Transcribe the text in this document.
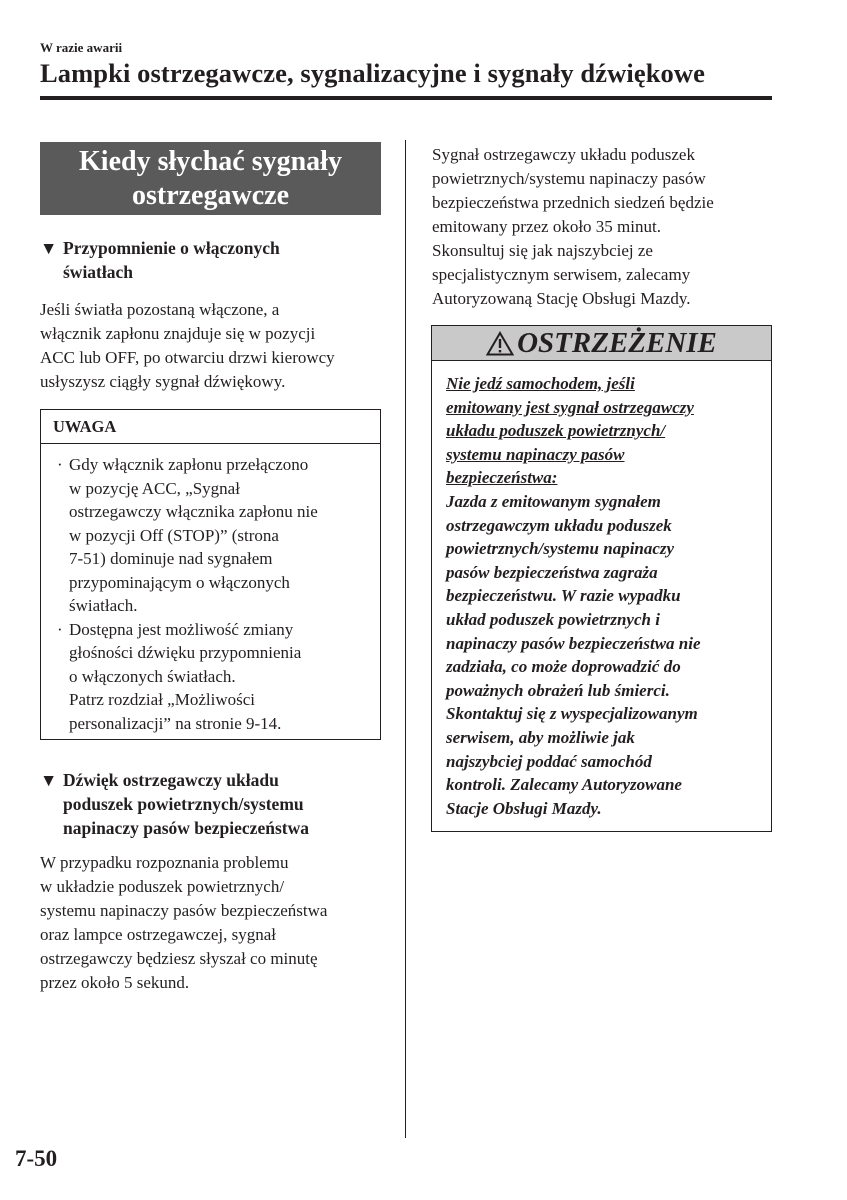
W razie awarii
Lampki ostrzegawcze, sygnalizacyjne i sygnały dźwiękowe
Kiedy słychać sygnały
ostrzegawcze
▼ Przypomnienie o włączonych
światłach

Jeśli światła pozostaną włączone, a

włącznik zapłonu znajduje się w pozycji

ACC lub OFF, po otwarciu drzwi kierowcy

usłyszysz ciągły sygnał dźwiękowy.

UWAGA
· Gdy włącznik zapłonu przełączono
w pozycję ACC, „Sygnał
ostrzegawczy włącznika zapłonu nie
w pozycji Off (STOP)” (strona
7-51) dominuje nad sygnałem
przypominającym o włączonych
światłach.
· Dostępna jest możliwość zmiany
głośności dźwięku przypomnienia
o włączonych światłach.
Patrz rozdział „Możliwości
personalizacji” na stronie 9-14.
▼ Dźwięk ostrzegawczy układu
poduszek powietrznych/systemu
napinaczy pasów bezpieczeństwa

W przypadku rozpoznania problemu

w układzie poduszek powietrznych/

systemu napinaczy pasów bezpieczeństwa

oraz lampce ostrzegawczej, sygnał

ostrzegawczy będziesz słyszał co minutę

przez około 5 sekund.

Sygnał ostrzegawczy układu poduszek
powietrznych/systemu napinaczy pasów
bezpieczeństwa przednich siedzeń będzie
emitowany przez około 35 minut.
Skonsultuj się jak najszybciej ze
specjalistycznym serwisem, zalecamy
Autoryzowaną Stację Obsługi Mazdy.
OSTRZEŻENIE
Nie jedź samochodem, jeśli
emitowany jest sygnał ostrzegawczy
układu poduszek powietrznych/
systemu napinaczy pasów
bezpieczeństwa:
Jazda z emitowanym sygnałem
ostrzegawczym układu poduszek
powietrznych/systemu napinaczy
pasów bezpieczeństwa zagraża
bezpieczeństwu. W razie wypadku
układ poduszek powietrznych i
napinaczy pasów bezpieczeństwa nie
zadziała, co może doprowadzić do
poważnych obrażeń lub śmierci.
Skontaktuj się z wyspecjalizowanym
serwisem, aby możliwie jak
najszybciej poddać samochód
kontroli. Zalecamy Autoryzowane
Stacje Obsługi Mazdy.
7-50
